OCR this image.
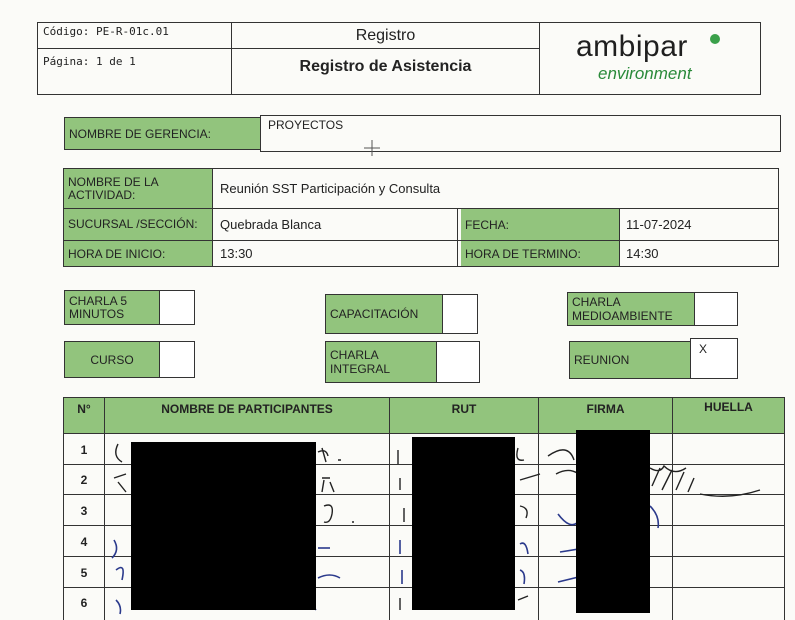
Código: PE-R-01c.01
Página: 1 de 1
Registro
Registro de Asistencia
ambipar
environment
NOMBRE DE GERENCIA:
PROYECTOS
NOMBRE DE LA ACTIVIDAD:	Reunión SST Participación y Consulta
SUCURSAL /SECCIÓN:	Quebrada Blanca	FECHA:	11-07-2024
HORA DE INICIO:	13:30	HORA DE TERMINO:	14:30
CHARLA 5 MINUTOS	CAPACITACIÓN
CHARLA MEDIOAMBIENTE
CURSO	CHARLA INTEGRAL
REUNION
X
N°	NOMBRE DE PARTICIPANTES	RUT	FIRMA	HUELLA
1
2
3
4
5
6
